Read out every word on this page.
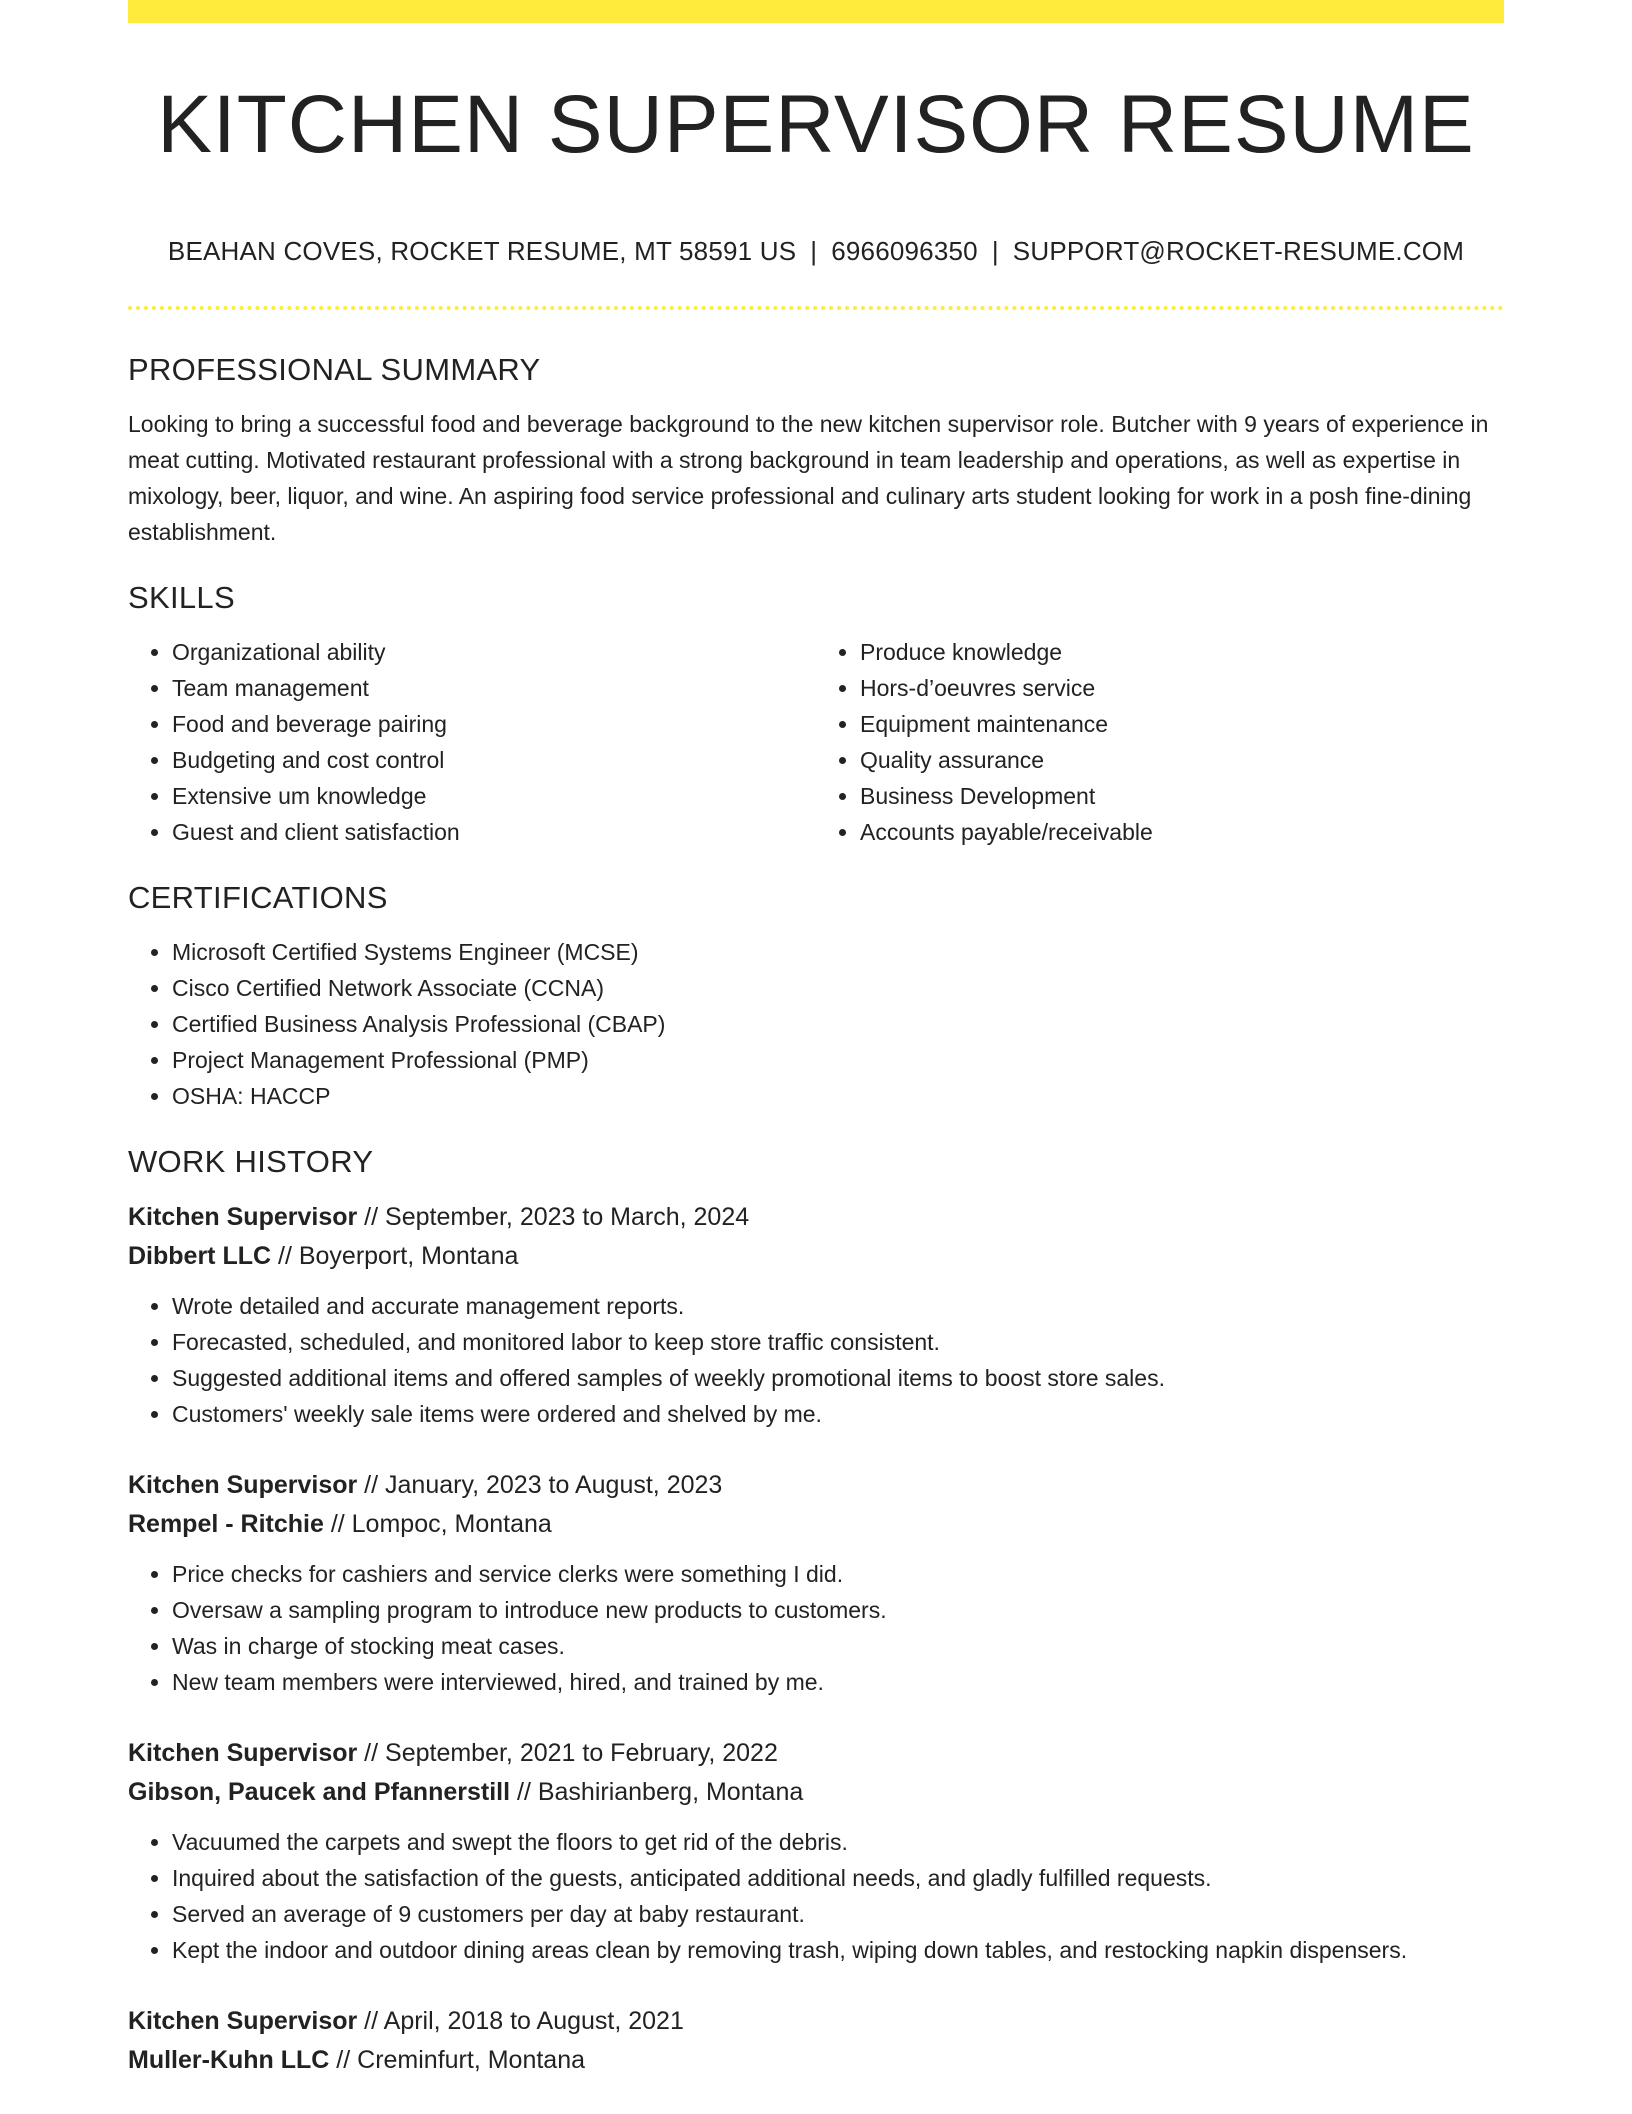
KITCHEN SUPERVISOR RESUME
BEAHAN COVES, ROCKET RESUME, MT 58591 US | 6966096350 | SUPPORT@ROCKET-RESUME.COM
PROFESSIONAL SUMMARY

Looking to bring a successful food and beverage background to the new kitchen supervisor role. Butcher with 9 years of experience in meat cutting. Motivated restaurant professional with a strong background in team leadership and operations, as well as expertise in mixology, beer, liquor, and wine. An aspiring food service professional and culinary arts student looking for work in a posh fine-dining establishment.

SKILLS
• Organizational ability
• Team management
• Food and beverage pairing
• Budgeting and cost control
• Extensive um knowledge
• Guest and client satisfaction
• Produce knowledge
• Hors-d’oeuvres service
• Equipment maintenance
• Quality assurance
• Business Development
• Accounts payable/receivable
CERTIFICATIONS
• Microsoft Certified Systems Engineer (MCSE)
• Cisco Certified Network Associate (CCNA)
• Certified Business Analysis Professional (CBAP)
• Project Management Professional (PMP)
• OSHA: HACCP
WORK HISTORY
Kitchen Supervisor // September, 2023 to March, 2024
Dibbert LLC // Boyerport, Montana
• Wrote detailed and accurate management reports.
• Forecasted, scheduled, and monitored labor to keep store traffic consistent.
• Suggested additional items and offered samples of weekly promotional items to boost store sales.
• Customers' weekly sale items were ordered and shelved by me.
Kitchen Supervisor // January, 2023 to August, 2023
Rempel - Ritchie // Lompoc, Montana
• Price checks for cashiers and service clerks were something I did.
• Oversaw a sampling program to introduce new products to customers.
• Was in charge of stocking meat cases.
• New team members were interviewed, hired, and trained by me.
Kitchen Supervisor // September, 2021 to February, 2022
Gibson, Paucek and Pfannerstill // Bashirianberg, Montana
• Vacuumed the carpets and swept the floors to get rid of the debris.
• Inquired about the satisfaction of the guests, anticipated additional needs, and gladly fulfilled requests.
• Served an average of 9 customers per day at baby restaurant.
• Kept the indoor and outdoor dining areas clean by removing trash, wiping down tables, and restocking napkin dispensers.
Kitchen Supervisor // April, 2018 to August, 2021
Muller-Kuhn LLC // Creminfurt, Montana
